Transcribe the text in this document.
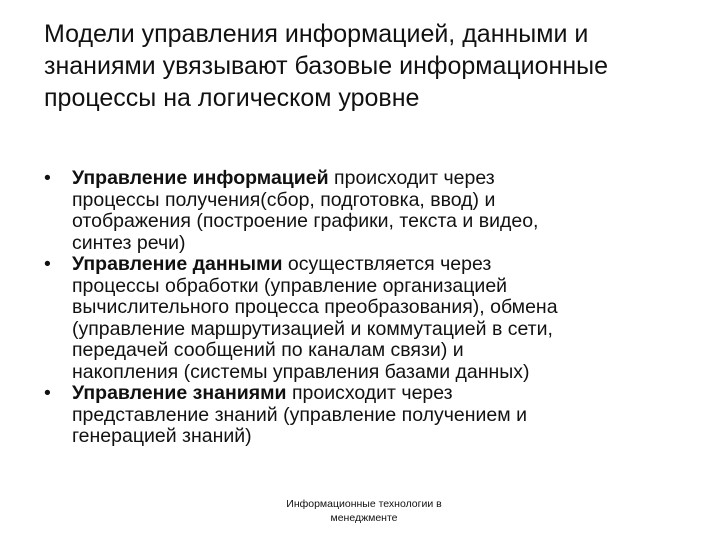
Модели управления информацией, данными и
знаниями увязывают базовые информационные
процессы на логическом уровне
• Управление информацией происходит через
процессы получения(сбор, подготовка, ввод) и
отображения (построение графики, текста и видео,
синтез речи)
• Управление данными осуществляется через
процессы обработки (управление организацией
вычислительного процесса преобразования), обмена
(управление маршрутизацией и коммутацией в сети,
передачей сообщений по каналам связи) и
накопления (системы управления базами данных)
• Управление знаниями происходит через
представление знаний (управление получением и
генерацией знаний)
Информационные технологии в
менеджменте
